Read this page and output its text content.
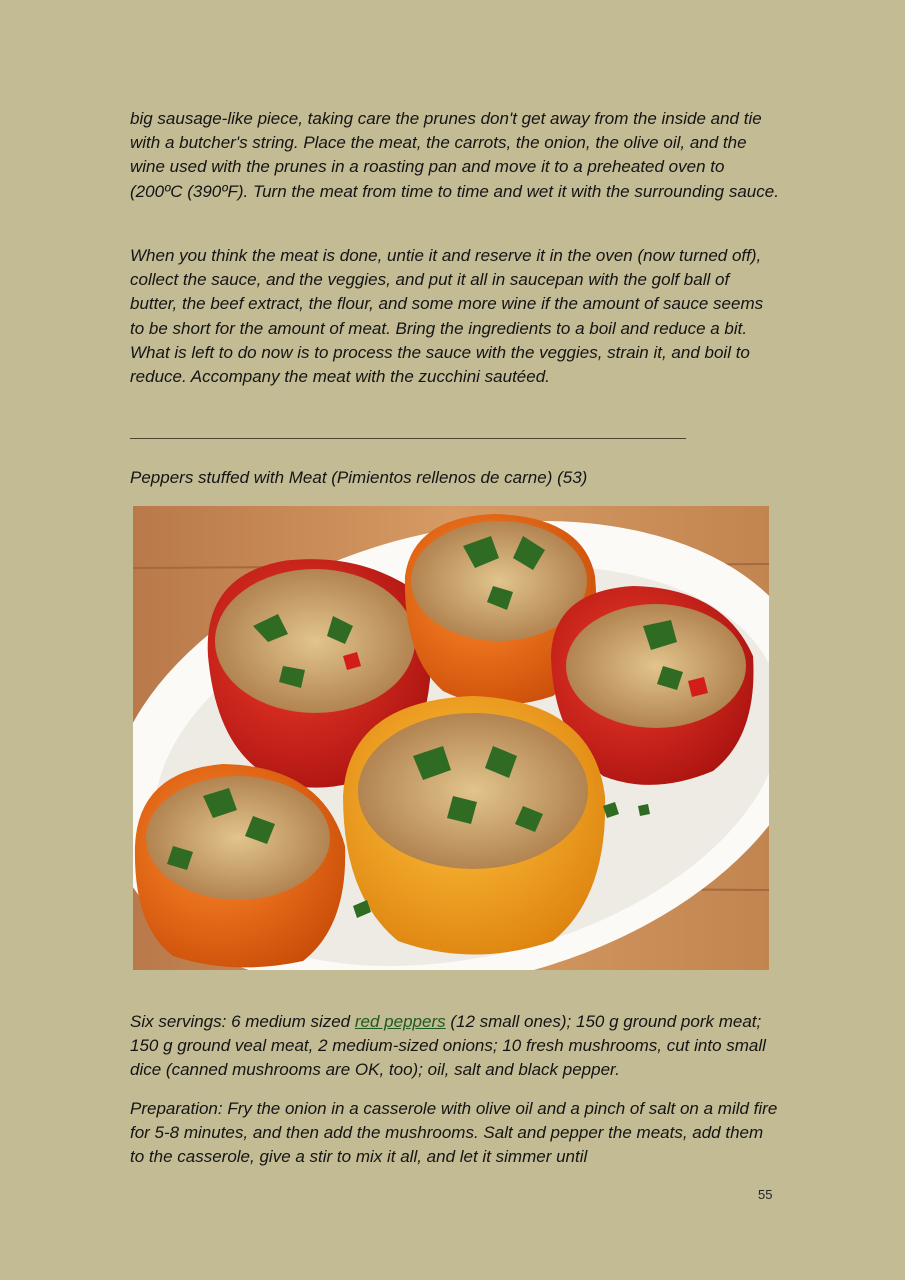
big sausage-like piece, taking care the prunes don't get away from the inside and tie with a butcher's string. Place the meat, the carrots, the onion, the olive oil, and the wine used with the prunes in a roasting pan and move it to a preheated oven to (200ºC (390ºF). Turn the meat from time to time and wet it with the surrounding sauce.

When you think the meat is done, untie it and reserve it in the oven (now turned off), collect the sauce, and the veggies, and put it all in saucepan with the golf ball of butter, the beef extract, the flour, and some more wine if the amount of sauce seems to be short for the amount of meat. Bring the ingredients to a boil and reduce a bit. What is left to do now is to process the sauce with the veggies, strain it, and boil to reduce. Accompany the meat with the zucchini sautéed.

Peppers stuffed with Meat (Pimientos rellenos de carne) (53)

Six servings: 6 medium sized red peppers (12 small ones); 150 g ground pork meat; 150 g ground veal meat, 2 medium-sized onions; 10 fresh mushrooms, cut into small dice (canned mushrooms are OK, too); oil, salt and black pepper.

Preparation: Fry the onion in a casserole with olive oil and a pinch of salt on a mild fire for 5-8 minutes, and then add the mushrooms. Salt and pepper the meats, add them to the casserole, give a stir to mix it all, and let it simmer until

55
